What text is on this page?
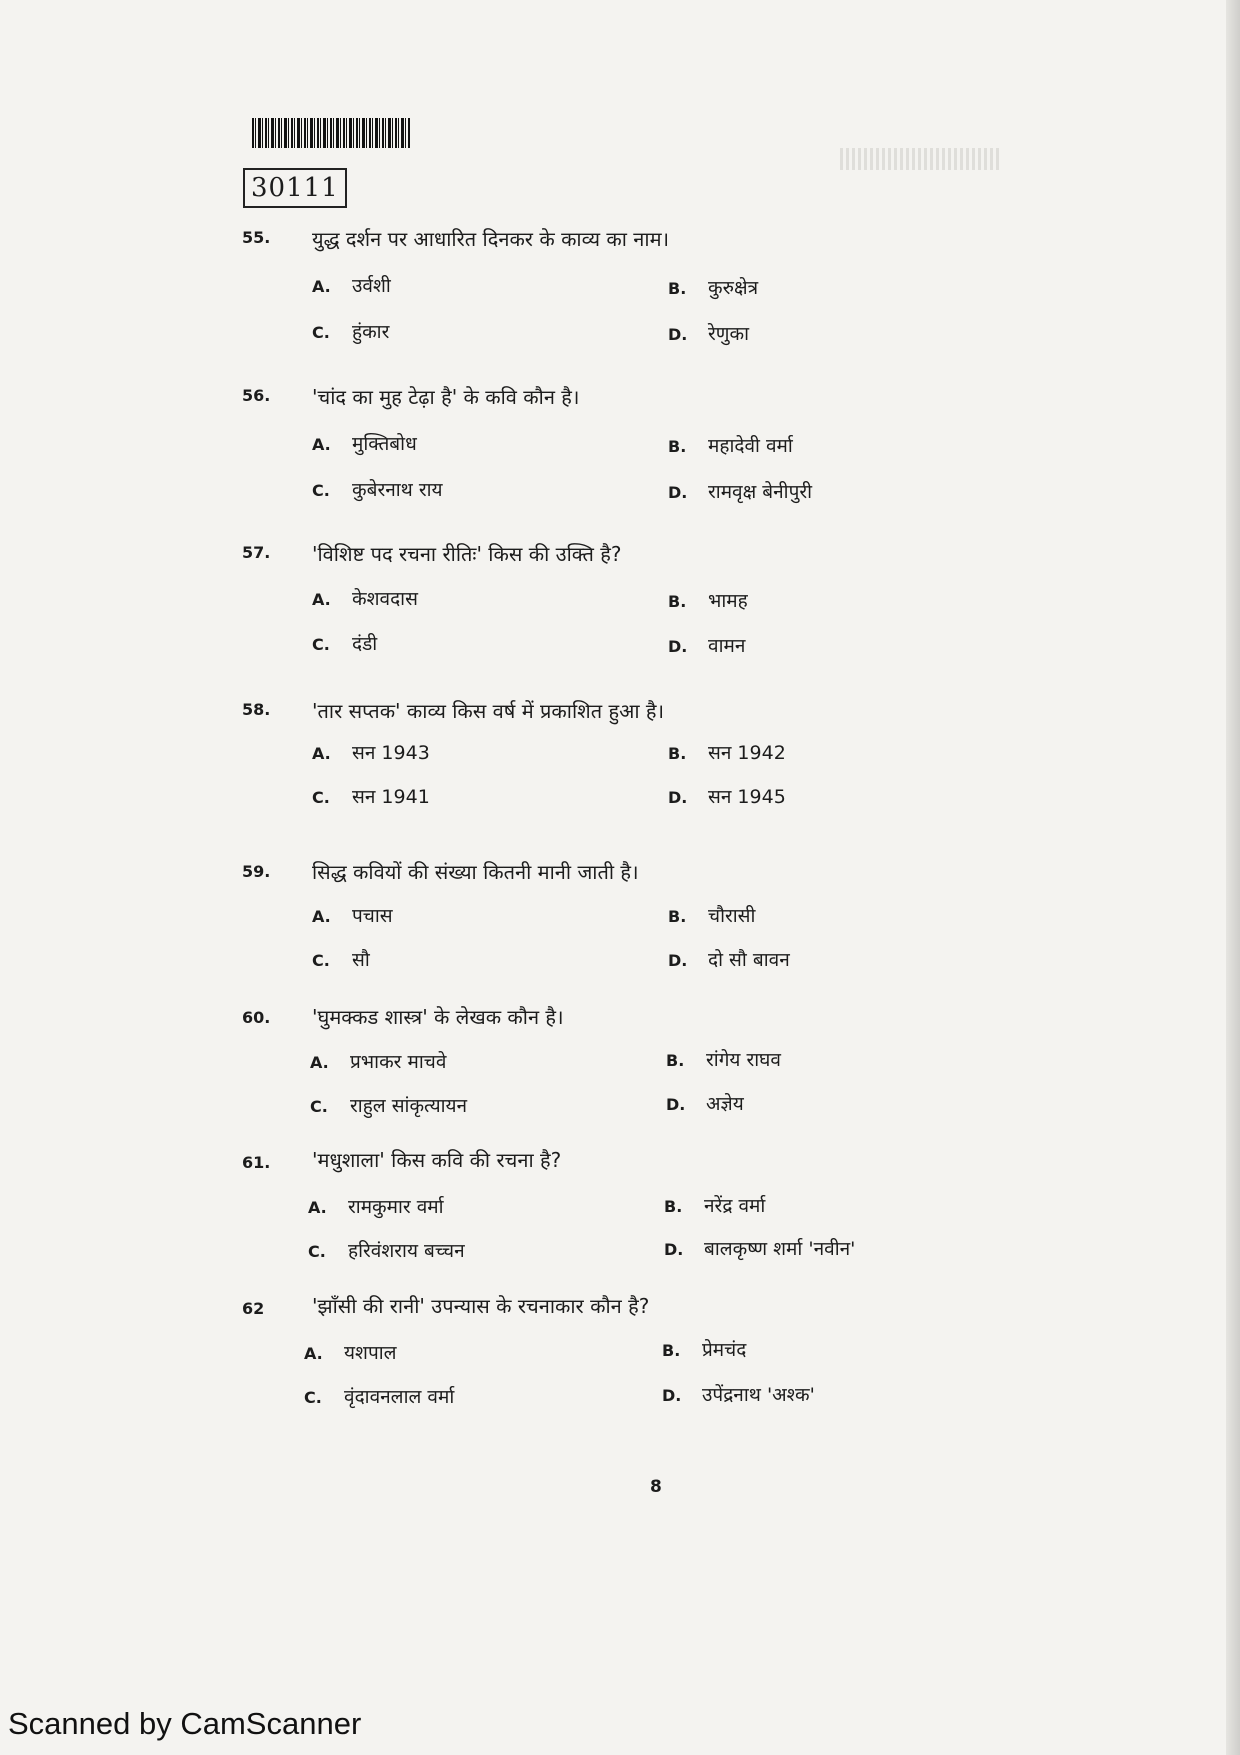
30111
55. युद्ध दर्शन पर आधारित दिनकर के काव्य का नाम।
A. उर्वशी	B. कुरुक्षेत्र
C. हुंकार	D. रेणुका
56. 'चांद का मुह टेढ़ा है' के कवि कौन है।
A. मुक्तिबोध	B. महादेवी वर्मा
C. कुबेरनाथ राय	D. रामवृक्ष बेनीपुरी
57. 'विशिष्ट पद रचना रीतिः' किस की उक्ति है?
A. केशवदास	B. भामह
C. दंडी	D. वामन
58. 'तार सप्तक' काव्य किस वर्ष में प्रकाशित हुआ है।
A. सन 1943	B. सन 1942
C. सन 1941	D. सन 1945
59. सिद्ध कवियों की संख्या कितनी मानी जाती है।
A. पचास	B. चौरासी
C. सौ	D. दो सौ बावन
60. 'घुमक्कड शास्त्र' के लेखक कौन है।
A. प्रभाकर माचवे	B. रांगेय राघव
C. राहुल सांकृत्यायन	D. अज्ञेय
61. 'मधुशाला' किस कवि की रचना है?
A. रामकुमार वर्मा	B. नरेंद्र वर्मा
C. हरिवंशराय बच्चन	D. बालकृष्ण शर्मा 'नवीन'
62 'झाँसी की रानी' उपन्यास के रचनाकार कौन है?
A. यशपाल	B. प्रेमचंद
C. वृंदावनलाल वर्मा	D. उपेंद्रनाथ 'अश्क'
8
Scanned by CamScanner
